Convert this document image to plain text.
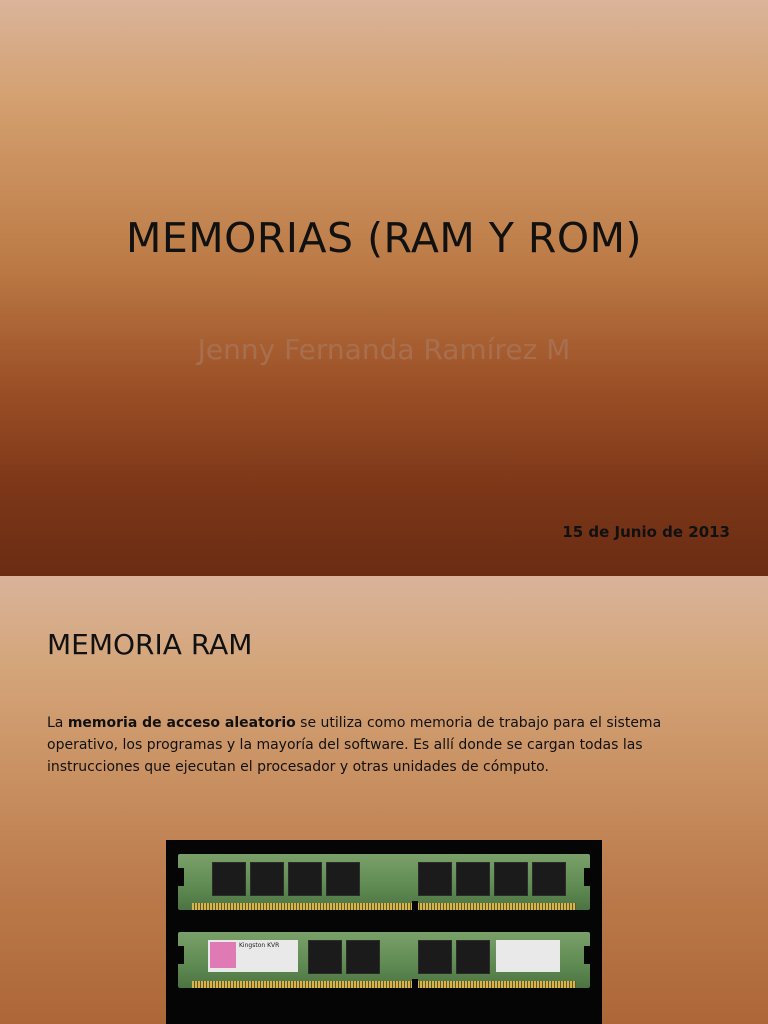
MEMORIAS (RAM Y ROM)
Jenny Fernanda Ramírez M
15 de Junio de 2013
MEMORIA RAM
La memoria de acceso aleatorio se utiliza como memoria de trabajo para el sistema operativo, los programas y la mayoría del software. Es allí donde se cargan todas las instrucciones que ejecutan el procesador y otras unidades de cómputo.
Kingston KVR
